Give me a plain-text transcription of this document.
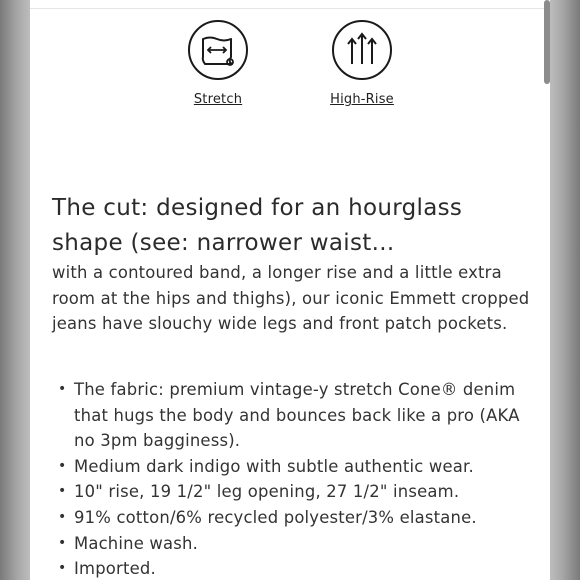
Stretch	High-Rise
The cut: designed for an hourglass shape (see: narrower waist...

with a contoured band, a longer rise and a little extra room at the hips and thighs), our iconic Emmett cropped jeans have slouchy wide legs and front patch pockets.

• The fabric: premium vintage-y stretch Cone® denim that hugs the body and bounces back like a pro (AKA no 3pm bagginess).
• Medium dark indigo with subtle authentic wear.
• 10" rise, 19 1/2" leg opening, 27 1/2" inseam.
• 91% cotton/6% recycled polyester/3% elastane.
• Machine wash.
• Imported.
